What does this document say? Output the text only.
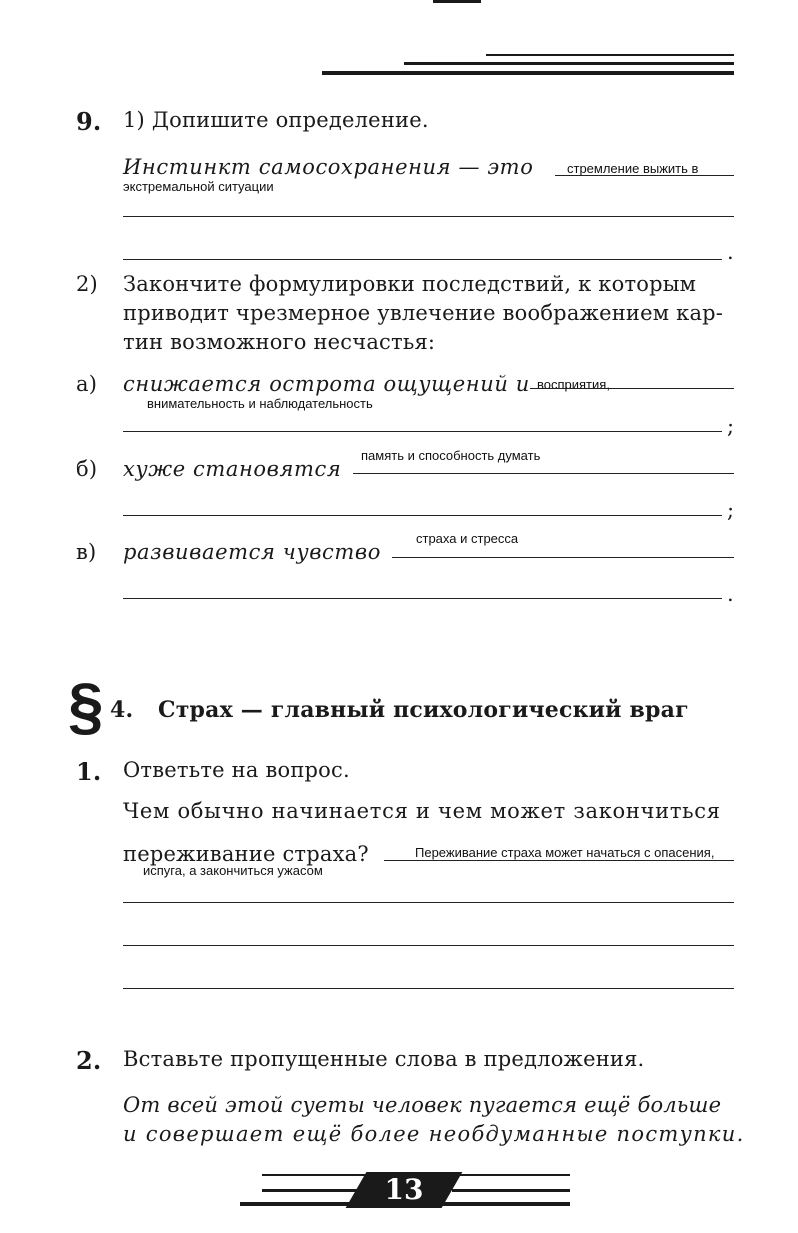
9. 1) Допишите определение.
Инстинкт самосохранения — это	стремление выжить в
экстремальной ситуации
.
2) Закончите формулировки последствий, к которым
приводит чрезмерное увлечение воображением кар-
тин возможного несчастья:
а) снижается острота ощущений и восприятия,
внимательность и наблюдательность
;
б) хуже становятся
память и способность думать
;
в) развивается чувство
страха и стресса
.
§ 4. Страх — главный психологический враг
1. Ответьте на вопрос.
Чем обычно начинается и чем может закончиться
переживание страха?	Переживание страха может начаться с опасения,
испуга, а закончиться ужасом
2. Вставьте пропущенные слова в предложения.
От всей этой суеты человек пугается ещё больше
и совершает ещё более необдуманные поступки.
13
